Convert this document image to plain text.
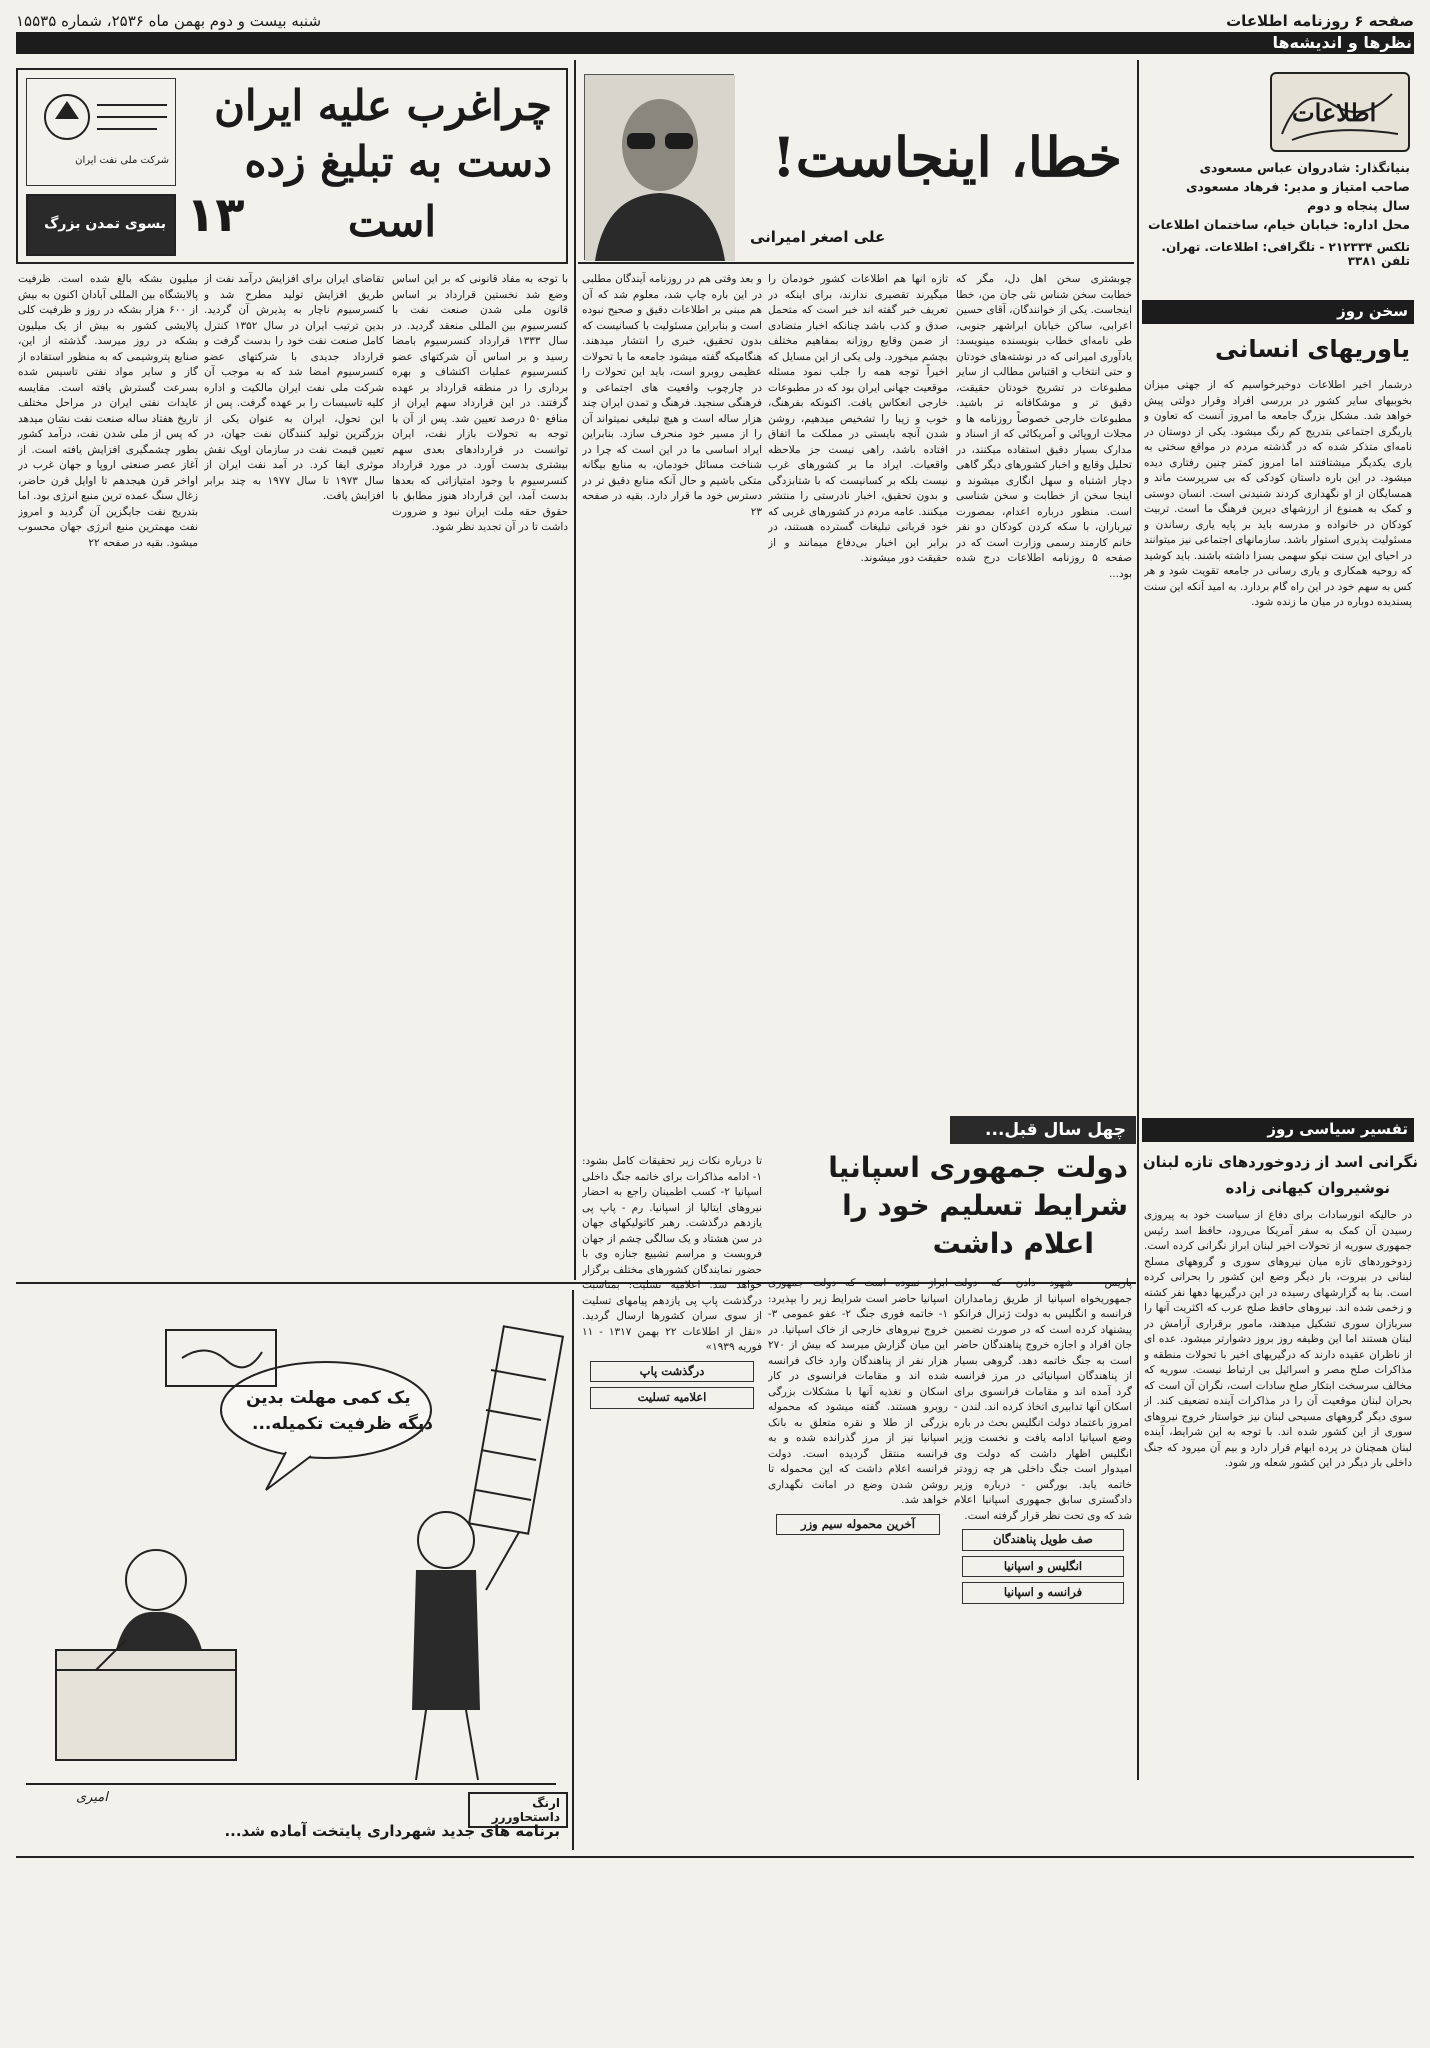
صفحه ۶ روزنامه اطلاعات
شنبه بیست و دوم بهمن ماه ۲۵۳۶، شماره ۱۵۵۳۵
نظرها و اندیشه‌ها
اطلاعات
بنیانگذار: شادروان عباس مسعودی
صاحب امتیاز و مدیر: فرهاد مسعودی
سال پنجاه و دوم
محل اداره: خیابان خیام، ساختمان اطلاعات
تلکس ۲۱۲۳۳۴ - تلگرافی: اطلاعات. تهران. تلفن ۳۳۸۱
خطا، اینجاست!
علی اصغر امیرانی

چوبشتری سخن اهل دل، مگر که خطابت سخن شناس نئی جان من، خطا اینجاست. یکی از خوانندگان، آقای حسین اعرابی، ساکن خیابان ابراشهر جنوبی، طی نامه‌ای خطاب بنویسنده مینویسد: یادآوری امیرانی که در نوشته‌های خودتان و حتی انتخاب و اقتباس مطالب از سایر مطبوعات در تشریح خودتان حقیقت، دقیق تر و موشکافانه تر باشید. مطبوعات خارجی خصوصاً روزنامه ها و مجلات اروپائی و آمریکائی که از اسناد و مدارک بسیار دقیق استفاده میکنند، در تحلیل وقایع و اخبار کشورهای دیگر گاهی دچار اشتباه و سهل انگاری میشوند و اینجا سخن از خطابت و سخن شناسی است. منظور درباره اعدام، بمصورت تیرباران، با سکه کردن کودکان دو نفر خانم کارمند رسمی وزارت است که در صفحه ۵ روزنامه اطلاعات درج شده بود...

تازه انها هم اطلاعات کشور خودمان را میگیرند تقصیری ندارند، برای اینکه در تعریف خبر گفته اند خبر است که متحمل صدق و کذب باشد چنانکه اخبار متضادی از ضمن وقایع روزانه بمفاهیم مختلف بچشم میخورد. ولی یکی از این مسایل که اخیراً توجه همه را جلب نمود مسئله موقعیت جهانی ایران بود که در مطبوعات خارجی انعکاس یافت. اکنونکه بفرهنگ، خوب و زیبا را تشخیص میدهیم، روشن شدن آنچه بایستی در مملکت ما اتفاق افتاده باشد، راهی نیست جز ملاحظه واقعیات. ایراد ما بر کشورهای غرب نیست بلکه بر کسانیست که با شتابزدگی و بدون تحقیق، اخبار نادرستی را منتشر میکنند. عامه مردم در کشورهای غربی که خود قربانی تبلیغات گسترده هستند، در برابر این اخبار بی‌دفاع میمانند و از حقیقت دور میشوند.

و بعد وقتی هم در روزنامه آیندگان مطلبی در این باره چاپ شد، معلوم شد که آن هم مبنی بر اطلاعات دقیق و صحیح نبوده است و بنابراین مسئولیت با کسانیست که بدون تحقیق، خبری را انتشار میدهند. هنگامیکه گفته میشود جامعه ما با تحولات عظیمی روبرو است، باید این تحولات را در چارچوب واقعیت های اجتماعی و فرهنگی سنجید. فرهنگ و تمدن ایران چند هزار ساله است و هیچ تبلیغی نمیتواند آن را از مسیر خود منحرف سازد. بنابراین ایراد اساسی ما در این است که چرا در شناخت مسائل خودمان، به منابع بیگانه متکی باشیم و حال آنکه منابع دقیق تر در دسترس خود ما قرار دارد. بقیه در صفحه ۲۳

شرکت ملی نفت ایران
بسوی تمدن بزرگ ۱۳
چراغرب علیه ایران
دست به تبلیغ زده
است

با توجه به مفاد قانونی که بر این اساس وضع شد نخستین قرارداد بر اساس قانون ملی شدن صنعت نفت با کنسرسیوم بین المللی منعقد گردید. در سال ۱۳۳۳ قرارداد کنسرسیوم بامضا رسید و بر اساس آن شرکتهای عضو کنسرسیوم عملیات اکتشاف و بهره برداری را در منطقه قرارداد بر عهده گرفتند. در این قرارداد سهم ایران از منافع ۵۰ درصد تعیین شد. پس از آن با توجه به تحولات بازار نفت، ایران توانست در قراردادهای بعدی سهم بیشتری بدست آورد. در مورد قرارداد کنسرسیوم با وجود امتیازاتی که بعدها بدست آمد، این قرارداد هنوز مطابق با حقوق حقه ملت ایران نبود و ضرورت داشت تا در آن تجدید نظر شود.

تقاضای ایران برای افزایش درآمد نفت از طریق افزایش تولید مطرح شد و کنسرسیوم ناچار به پذیرش آن گردید. بدین ترتیب ایران در سال ۱۳۵۲ کنترل کامل صنعت نفت خود را بدست گرفت و قرارداد جدیدی با شرکتهای عضو کنسرسیوم امضا شد که به موجب آن شرکت ملی نفت ایران مالکیت و اداره کلیه تاسیسات را بر عهده گرفت. پس از این تحول، ایران به عنوان یکی از بزرگترین تولید کنندگان نفت جهان، در تعیین قیمت نفت در سازمان اوپک نقش موثری ایفا کرد. در آمد نفت ایران از سال ۱۹۷۳ تا سال ۱۹۷۷ به چند برابر افزایش یافت.

میلیون بشکه بالغ شده است. ظرفیت پالایشگاه بین المللی آبادان اکنون به بیش از ۶۰۰ هزار بشکه در روز و ظرفیت کلی پالایشی کشور به بیش از یک میلیون بشکه در روز میرسد. گذشته از این، صنایع پتروشیمی که به منظور استفاده از گاز و سایر مواد نفتی تاسیس شده بسرعت گسترش یافته است. مقایسه عایدات نفتی ایران در مراحل مختلف تاریخ هفتاد ساله صنعت نفت نشان میدهد که پس از ملی شدن نفت، درآمد کشور بطور چشمگیری افزایش یافته است. از آغاز عصر صنعتی اروپا و جهان غرب در اواخر قرن هیجدهم تا اوایل قرن حاضر، زغال سنگ عمده ترین منبع انرژی بود. اما بتدریج نفت جایگزین آن گردید و امروز نفت مهمترین منبع انرژی جهان محسوب میشود. بقیه در صفحه ۲۲

یک کمی مهلت بدین
دیگه ظرفیت تکمیله...
امیری	ارنگ داستحاوررر
برنامه های جدید شهرداری پایتخت آماده شد...
چهل سال قبل...
دولت جمهوری اسپانیا
شرایط تسلیم خود را
اعلام داشت

پاریس - شهود دادن که دولت جمهوریخواه اسپانیا از طریق زمامداران فرانسه و انگلیس به دولت ژنرال فرانکو پیشنهاد کرده است که در صورت تضمین جان افراد و اجازه خروج پناهندگان حاضر است به جنگ خاتمه دهد. گروهی بسیار از پناهندگان اسپانیائی در مرز فرانسه گرد آمده اند و مقامات فرانسوی برای اسکان آنها تدابیری اتخاذ کرده اند. لندن - امروز باعتماد دولت انگلیس بحث در باره وضع اسپانیا ادامه یافت و نخست وزیر انگلیس اظهار داشت که دولت وی امیدوار است جنگ داخلی هر چه زودتر خاتمه یابد. بورگس - درباره وزیر دادگستری سابق جمهوری اسپانیا اعلام شد که وی تحت نظر قرار گرفته است.

صف طویل پناهندگان
انگلیس و اسپانیا
فرانسه و اسپانیا

ابراز نموده است که دولت جمهوری اسپانیا حاضر است شرایط زیر را بپذیرد: ۱- خاتمه فوری جنگ ۲- عفو عمومی ۳- خروج نیروهای خارجی از خاک اسپانیا. در این میان گزارش میرسد که بیش از ۲۷۰ هزار نفر از پناهندگان وارد خاک فرانسه شده اند و مقامات فرانسوی در کار اسکان و تغذیه آنها با مشکلات بزرگی روبرو هستند. گفته میشود که محموله بزرگی از طلا و نقره متعلق به بانک اسپانیا نیز از مرز گذرانده شده و به فرانسه منتقل گردیده است. دولت فرانسه اعلام داشت که این محموله تا روشن شدن وضع در امانت نگهداری خواهد شد.

آخرین محموله سیم وزر

تا درباره نکات زیر تحقیقات کامل بشود: ۱- ادامه مذاکرات برای خاتمه جنگ داخلی اسپانیا ۲- کسب اطمینان راجع به احضار نیروهای ایتالیا از اسپانیا. رم - پاپ پی یازدهم درگذشت. رهبر کاتولیکهای جهان در سن هشتاد و یک سالگی چشم از جهان فروبست و مراسم تشییع جنازه وی با حضور نمایندگان کشورهای مختلف برگزار خواهد شد. اعلامیه تسلیت: بمناسبت درگذشت پاپ پی یازدهم پیامهای تسلیت از سوی سران کشورها ارسال گردید. «نقل از اطلاعات ۲۲ بهمن ۱۳۱۷ - ۱۱ فوریه ۱۹۳۹»

درگذشت پاپ
اعلامیه تسلیت
سخن روز
یاوریهای انسانی

درشمار اخیر اطلاعات دوخیرخواسیم که از جهتی میزان بخوبیهای سایر کشور در بررسی افراد وقرار دولتی پیش خواهد شد. مشکل بزرگ جامعه ما امروز آنست که تعاون و یاریگری اجتماعی بتدریج کم رنگ میشود. یکی از دوستان در نامه‌ای متذکر شده که در گذشته مردم در مواقع سختی به یاری یکدیگر میشتافتند اما امروز کمتر چنین رفتاری دیده میشود. در این باره داستان کودکی که بی سرپرست ماند و همسایگان از او نگهداری کردند شنیدنی است. انسان دوستی و کمک به همنوع از ارزشهای دیرین فرهنگ ما است. تربیت کودکان در خانواده و مدرسه باید بر پایه یاری رساندن و مسئولیت پذیری استوار باشد. سازمانهای اجتماعی نیز میتوانند در احیای این سنت نیکو سهمی بسزا داشته باشند. باید کوشید که روحیه همکاری و یاری رسانی در جامعه تقویت شود و هر کس به سهم خود در این راه گام بردارد. به امید آنکه این سنت پسندیده دوباره در میان ما زنده شود.

تفسیر سیاسی روز
نگرانی اسد از زدوخوردهای تازه لبنان
نوشیروان کیهانی زاده

در حالیکه انورسادات برای دفاع از سیاست خود به پیروزی رسیدن آن کمک به سفر آمریکا می‌رود، حافظ اسد رئیس جمهوری سوریه از تحولات اخیر لبنان ابراز نگرانی کرده است. زدوخوردهای تازه میان نیروهای سوری و گروههای مسلح لبنانی در بیروت، بار دیگر وضع این کشور را بحرانی کرده است. بنا به گزارشهای رسیده در این درگیریها دهها نفر کشته و زخمی شده اند. نیروهای حافظ صلح عرب که اکثریت آنها را سربازان سوری تشکیل میدهند، مامور برقراری آرامش در لبنان هستند اما این وظیفه روز بروز دشوارتر میشود. عده ای از ناظران عقیده دارند که درگیریهای اخیر با تحولات منطقه و مذاکرات صلح مصر و اسرائیل بی ارتباط نیست. سوریه که مخالف سرسخت ابتکار صلح سادات است، نگران آن است که بحران لبنان موقعیت آن را در مذاکرات آینده تضعیف کند. از سوی دیگر گروههای مسیحی لبنان نیز خواستار خروج نیروهای سوری از این کشور شده اند. با توجه به این شرایط، آینده لبنان همچنان در پرده ابهام قرار دارد و بیم آن میرود که جنگ داخلی بار دیگر در این کشور شعله ور شود.
